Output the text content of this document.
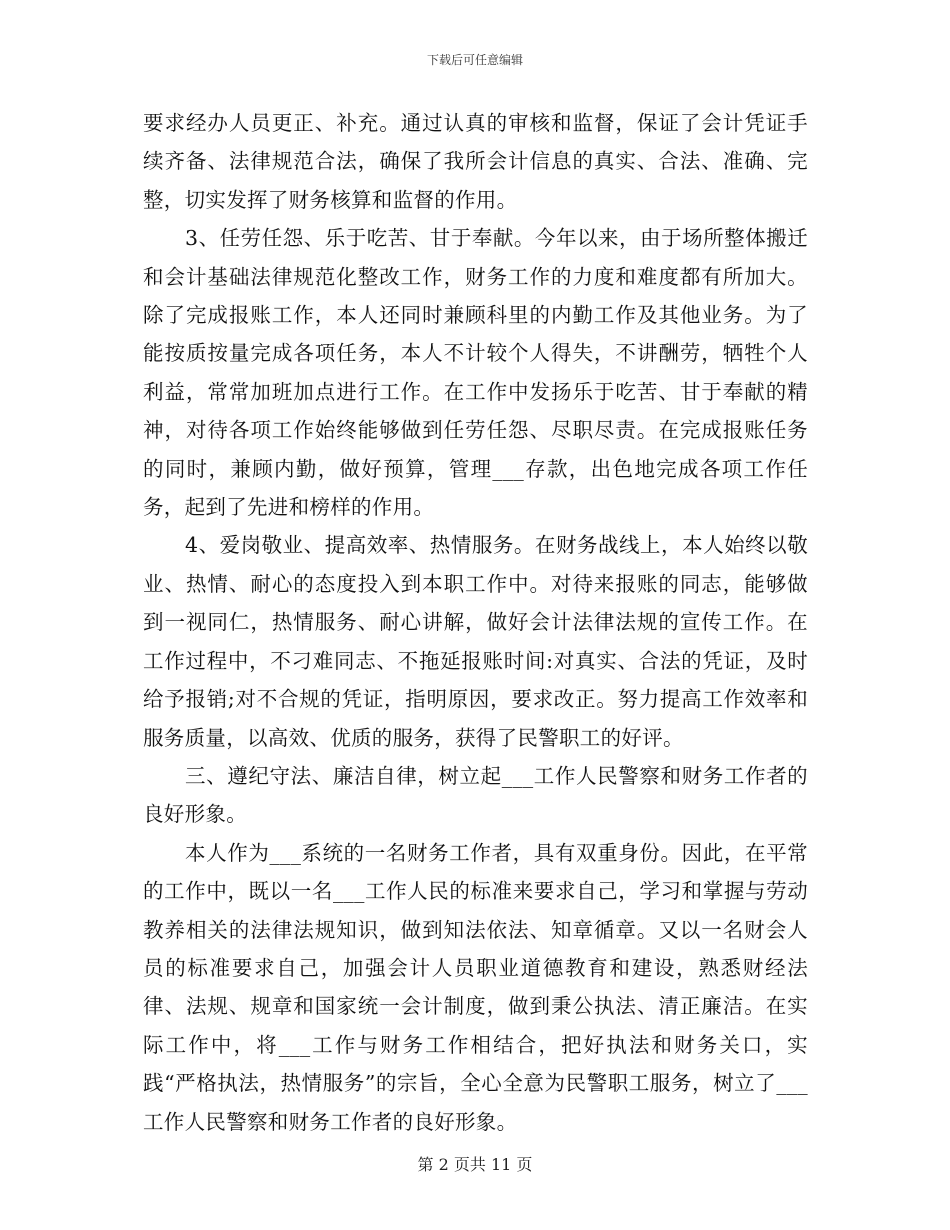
下载后可任意编辑

要求经办人员更正、补充。通过认真的审核和监督，保证了会计凭证手续齐备、法律规范合法，确保了我所会计信息的真实、合法、准确、完整，切实发挥了财务核算和监督的作用。

3、任劳任怨、乐于吃苦、甘于奉献。今年以来，由于场所整体搬迁和会计基础法律规范化整改工作，财务工作的力度和难度都有所加大。除了完成报账工作，本人还同时兼顾科里的内勤工作及其他业务。为了能按质按量完成各项任务，本人不计较个人得失，不讲酬劳，牺牲个人利益，常常加班加点进行工作。在工作中发扬乐于吃苦、甘于奉献的精神，对待各项工作始终能够做到任劳任怨、尽职尽责。在完成报账任务的同时，兼顾内勤，做好预算，管理___存款，出色地完成各项工作任务，起到了先进和榜样的作用。

4、爱岗敬业、提高效率、热情服务。在财务战线上，本人始终以敬业、热情、耐心的态度投入到本职工作中。对待来报账的同志，能够做到一视同仁，热情服务、耐心讲解，做好会计法律法规的宣传工作。在工作过程中，不刁难同志、不拖延报账时间:对真实、合法的凭证，及时给予报销;对不合规的凭证，指明原因，要求改正。努力提高工作效率和服务质量，以高效、优质的服务，获得了民警职工的好评。

三、遵纪守法、廉洁自律，树立起___工作人民警察和财务工作者的良好形象。

本人作为___系统的一名财务工作者，具有双重身份。因此，在平常的工作中，既以一名___工作人民的标准来要求自己，学习和掌握与劳动教养相关的法律法规知识，做到知法依法、知章循章。又以一名财会人员的标准要求自己，加强会计人员职业道德教育和建设，熟悉财经法律、法规、规章和国家统一会计制度，做到秉公执法、清正廉洁。在实际工作中，将___工作与财务工作相结合，把好执法和财务关口，实践“严格执法，热情服务”的宗旨，全心全意为民警职工服务，树立了___工作人民警察和财务工作者的良好形象。

第 2 页共 11 页
